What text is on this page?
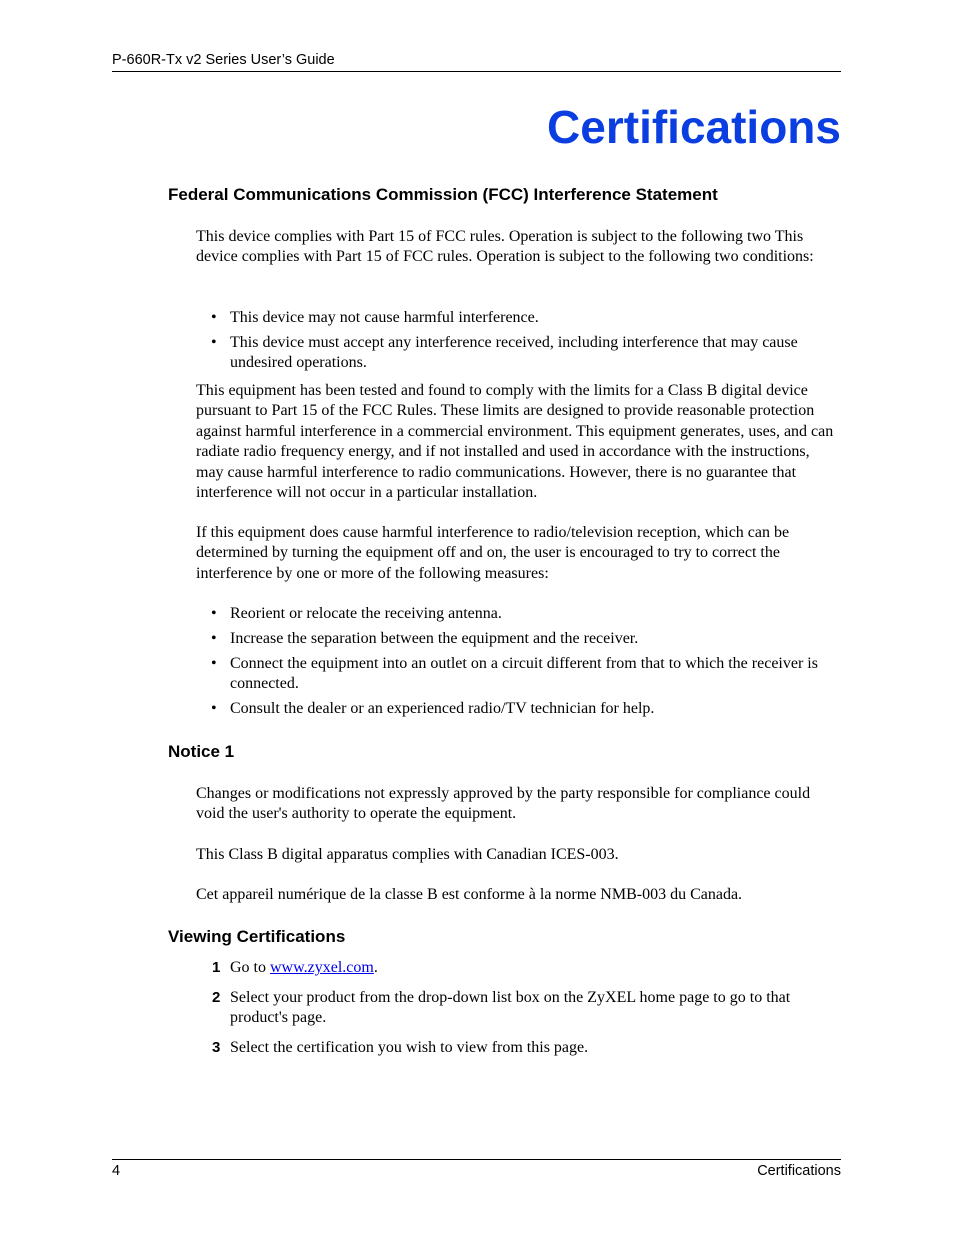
P-660R-Tx v2 Series User’s Guide
Certifications
Federal Communications Commission (FCC) Interference Statement

This device complies with Part 15 of FCC rules. Operation is subject to the following two This device complies with Part 15 of FCC rules. Operation is subject to the following two conditions:

• This device may not cause harmful interference.
• This device must accept any interference received, including interference that may cause undesired operations.

This equipment has been tested and found to comply with the limits for a Class B digital device pursuant to Part 15 of the FCC Rules. These limits are designed to provide reasonable protection against harmful interference in a commercial environment. This equipment generates, uses, and can radiate radio frequency energy, and if not installed and used in accordance with the instructions, may cause harmful interference to radio communications. However, there is no guarantee that interference will not occur in a particular installation.

If this equipment does cause harmful interference to radio/television reception, which can be determined by turning the equipment off and on, the user is encouraged to try to correct the interference by one or more of the following measures:

• Reorient or relocate the receiving antenna.
• Increase the separation between the equipment and the receiver.
• Connect the equipment into an outlet on a circuit different from that to which the receiver is connected.
• Consult the dealer or an experienced radio/TV technician for help.
Notice 1

Changes or modifications not expressly approved by the party responsible for compliance could void the user's authority to operate the equipment.

This Class B digital apparatus complies with Canadian ICES-003.

Cet appareil numérique de la classe B est conforme à la norme NMB-003 du Canada.

Viewing Certifications
1 Go to www.zyxel.com.
2 Select your product from the drop-down list box on the ZyXEL home page to go to that product's page.
3 Select the certification you wish to view from this page.
4	Certifications
